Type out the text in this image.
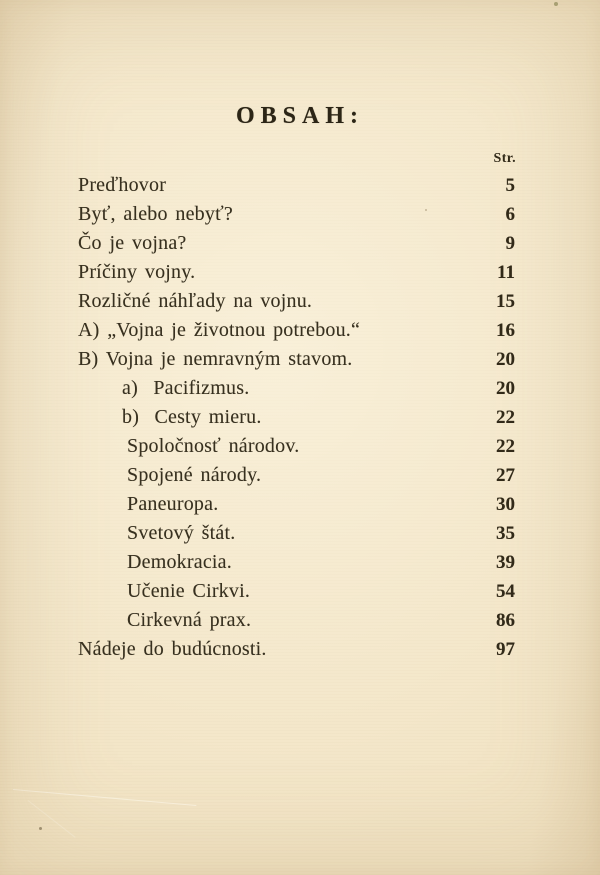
OBSAH:
Str.
Preďhovor	5
Byť, alebo nebyť?	6
Čo je vojna?	9
Príčiny vojny.	11
Rozličné náhľady na vojnu.	15
A) „Vojna je životnou potrebou.“	16
B) Vojna je nemravným stavom.	20
a)  Pacifizmus.	20
b)  Cesty mieru.	22
Spoločnosť národov.	22
Spojené národy.	27
Paneuropa.	30
Svetový štát.	35
Demokracia.	39
Učenie Cirkvi.	54
Cirkevná prax.	86
Nádeje do budúcnosti.	97
